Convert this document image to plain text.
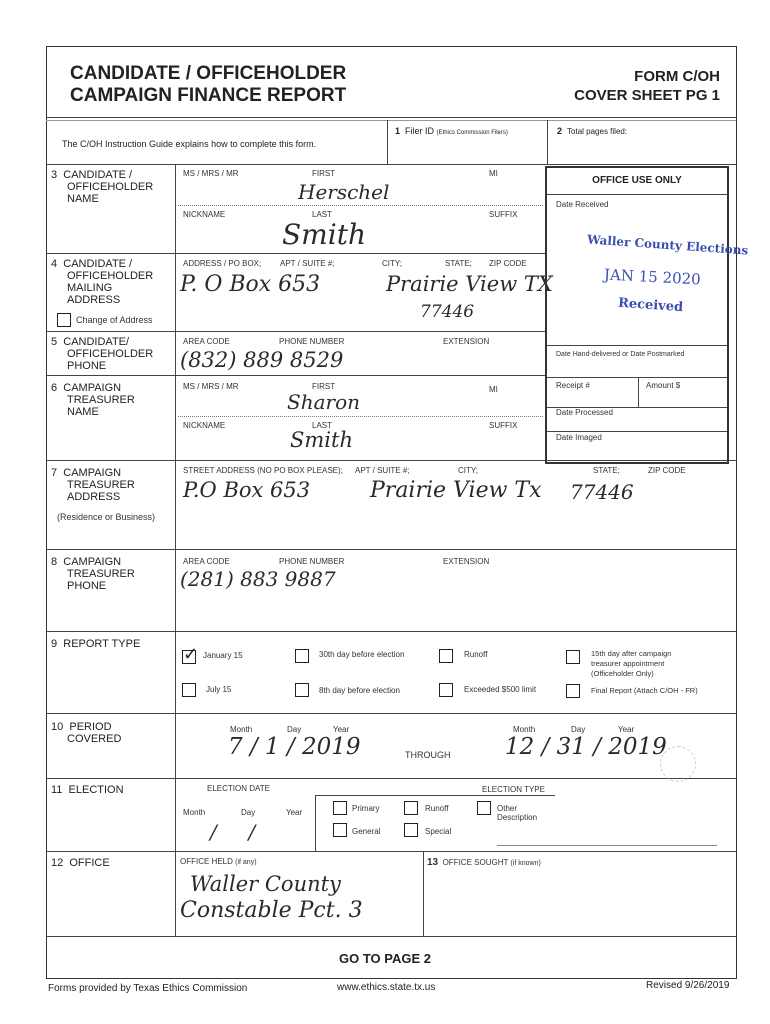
CANDIDATE / OFFICEHOLDER
CAMPAIGN FINANCE REPORT
FORM C/OH
COVER SHEET PG 1
The C/OH Instruction Guide explains how to complete this form.
1 Filer ID (Ethics Commission Filers)	2 Total pages filed:
3 CANDIDATE /
OFFICEHOLDER
NAME
MS / MRS / MR	FIRST	MI
Herschel
NICKNAME	LAST	SUFFIX
Smith
4 CANDIDATE /
OFFICEHOLDER
MAILING
ADDRESS
Change of Address
ADDRESS / PO BOX; APT / SUITE #;	CITY;	STATE; ZIP CODE
P. O Box 653	Prairie View TX
77446
5 CANDIDATE/
OFFICEHOLDER
PHONE
AREA CODE	PHONE NUMBER	EXTENSION
(832) 889 8529
6 CAMPAIGN
TREASURER
NAME
MS / MRS / MR	FIRST	MI
Sharon
NICKNAME	LAST	SUFFIX
Smith
OFFICE USE ONLY
Date Received
Waller County Elections
JAN 15 2020
Received
Date Hand-delivered or Date Postmarked
Receipt #	Amount $
Date Processed
Date Imaged
7 CAMPAIGN
TREASURER
ADDRESS
(Residence or Business)
STREET ADDRESS (NO PO BOX PLEASE); APT / SUITE #;	CITY;	STATE;	ZIP CODE
P.O Box 653	Prairie View Tx 77446
8 CAMPAIGN
TREASURER
PHONE
AREA CODE	PHONE NUMBER	EXTENSION
(281) 883 9887
9 REPORT TYPE ✓ January 15	30th day before election	Runoff	15th day after campaign
treasurer appointment
(Officeholder Only)
July 15	8th day before election	Exceeded $500 limit	Final Report (Attach C/OH - FR)
10 PERIOD
COVERED
Month	Day	Year
7 / 1 / 2019	THROUGH
Month	Day	Year
12 / 31 / 2019
11 ELECTION	ELECTION DATE
Month	Day	Year
/     /
ELECTION TYPE
Primary	Runoff	Other
Description
General	Special
12 OFFICE	OFFICE HELD (if any)
Waller County
Constable Pct. 3
13 OFFICE SOUGHT (if known)
GO TO PAGE 2
Forms provided by Texas Ethics Commission	www.ethics.state.tx.us	Revised 9/26/2019
